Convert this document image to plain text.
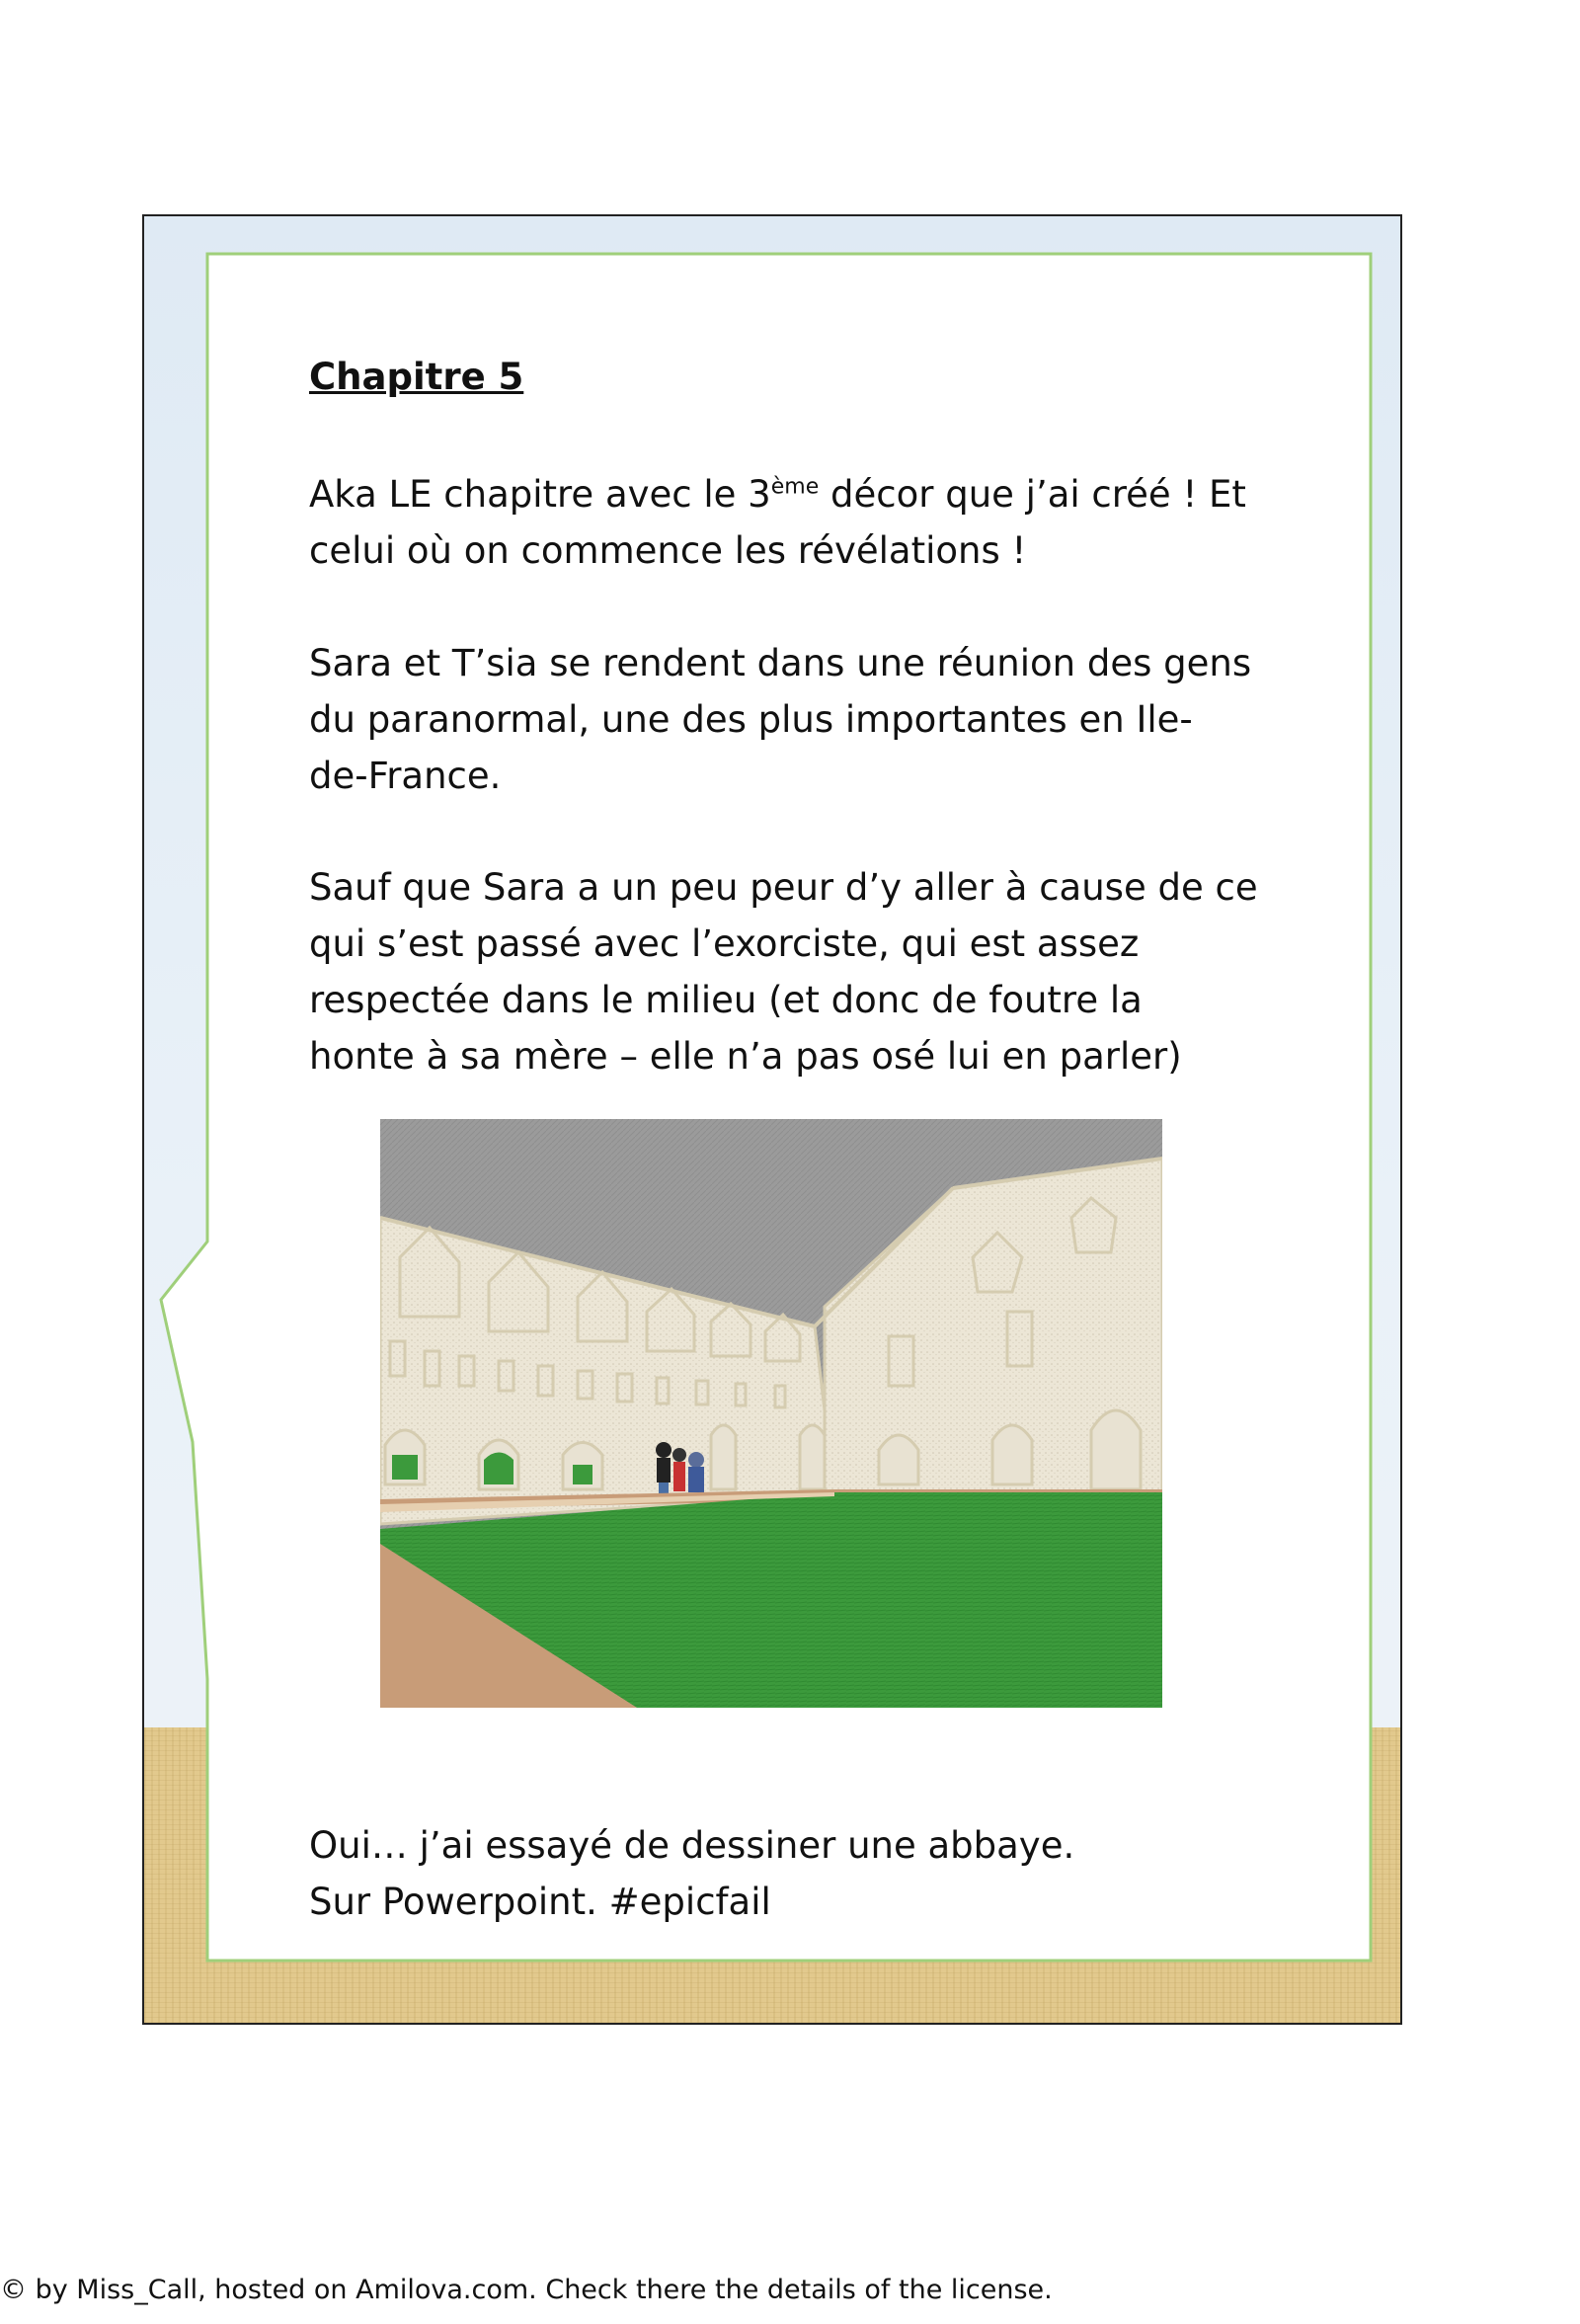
Chapitre 5
Aka LE chapitre avec le 3ème décor que j’ai créé ! Et
celui où on commence les révélations !
Sara et T’sia se rendent dans une réunion des gens
du paranormal, une des plus importantes en Ile-
de-France.
Sauf que Sara a un peu peur d’y aller à cause de ce
qui s’est passé avec l’exorciste, qui est assez
respectée dans le milieu (et donc de foutre la
honte à sa mère – elle n’a pas osé lui en parler)
Oui… j’ai essayé de dessiner une abbaye.
Sur Powerpoint. #epicfail
© by Miss_Call, hosted on Amilova.com. Check there the details of the license.
